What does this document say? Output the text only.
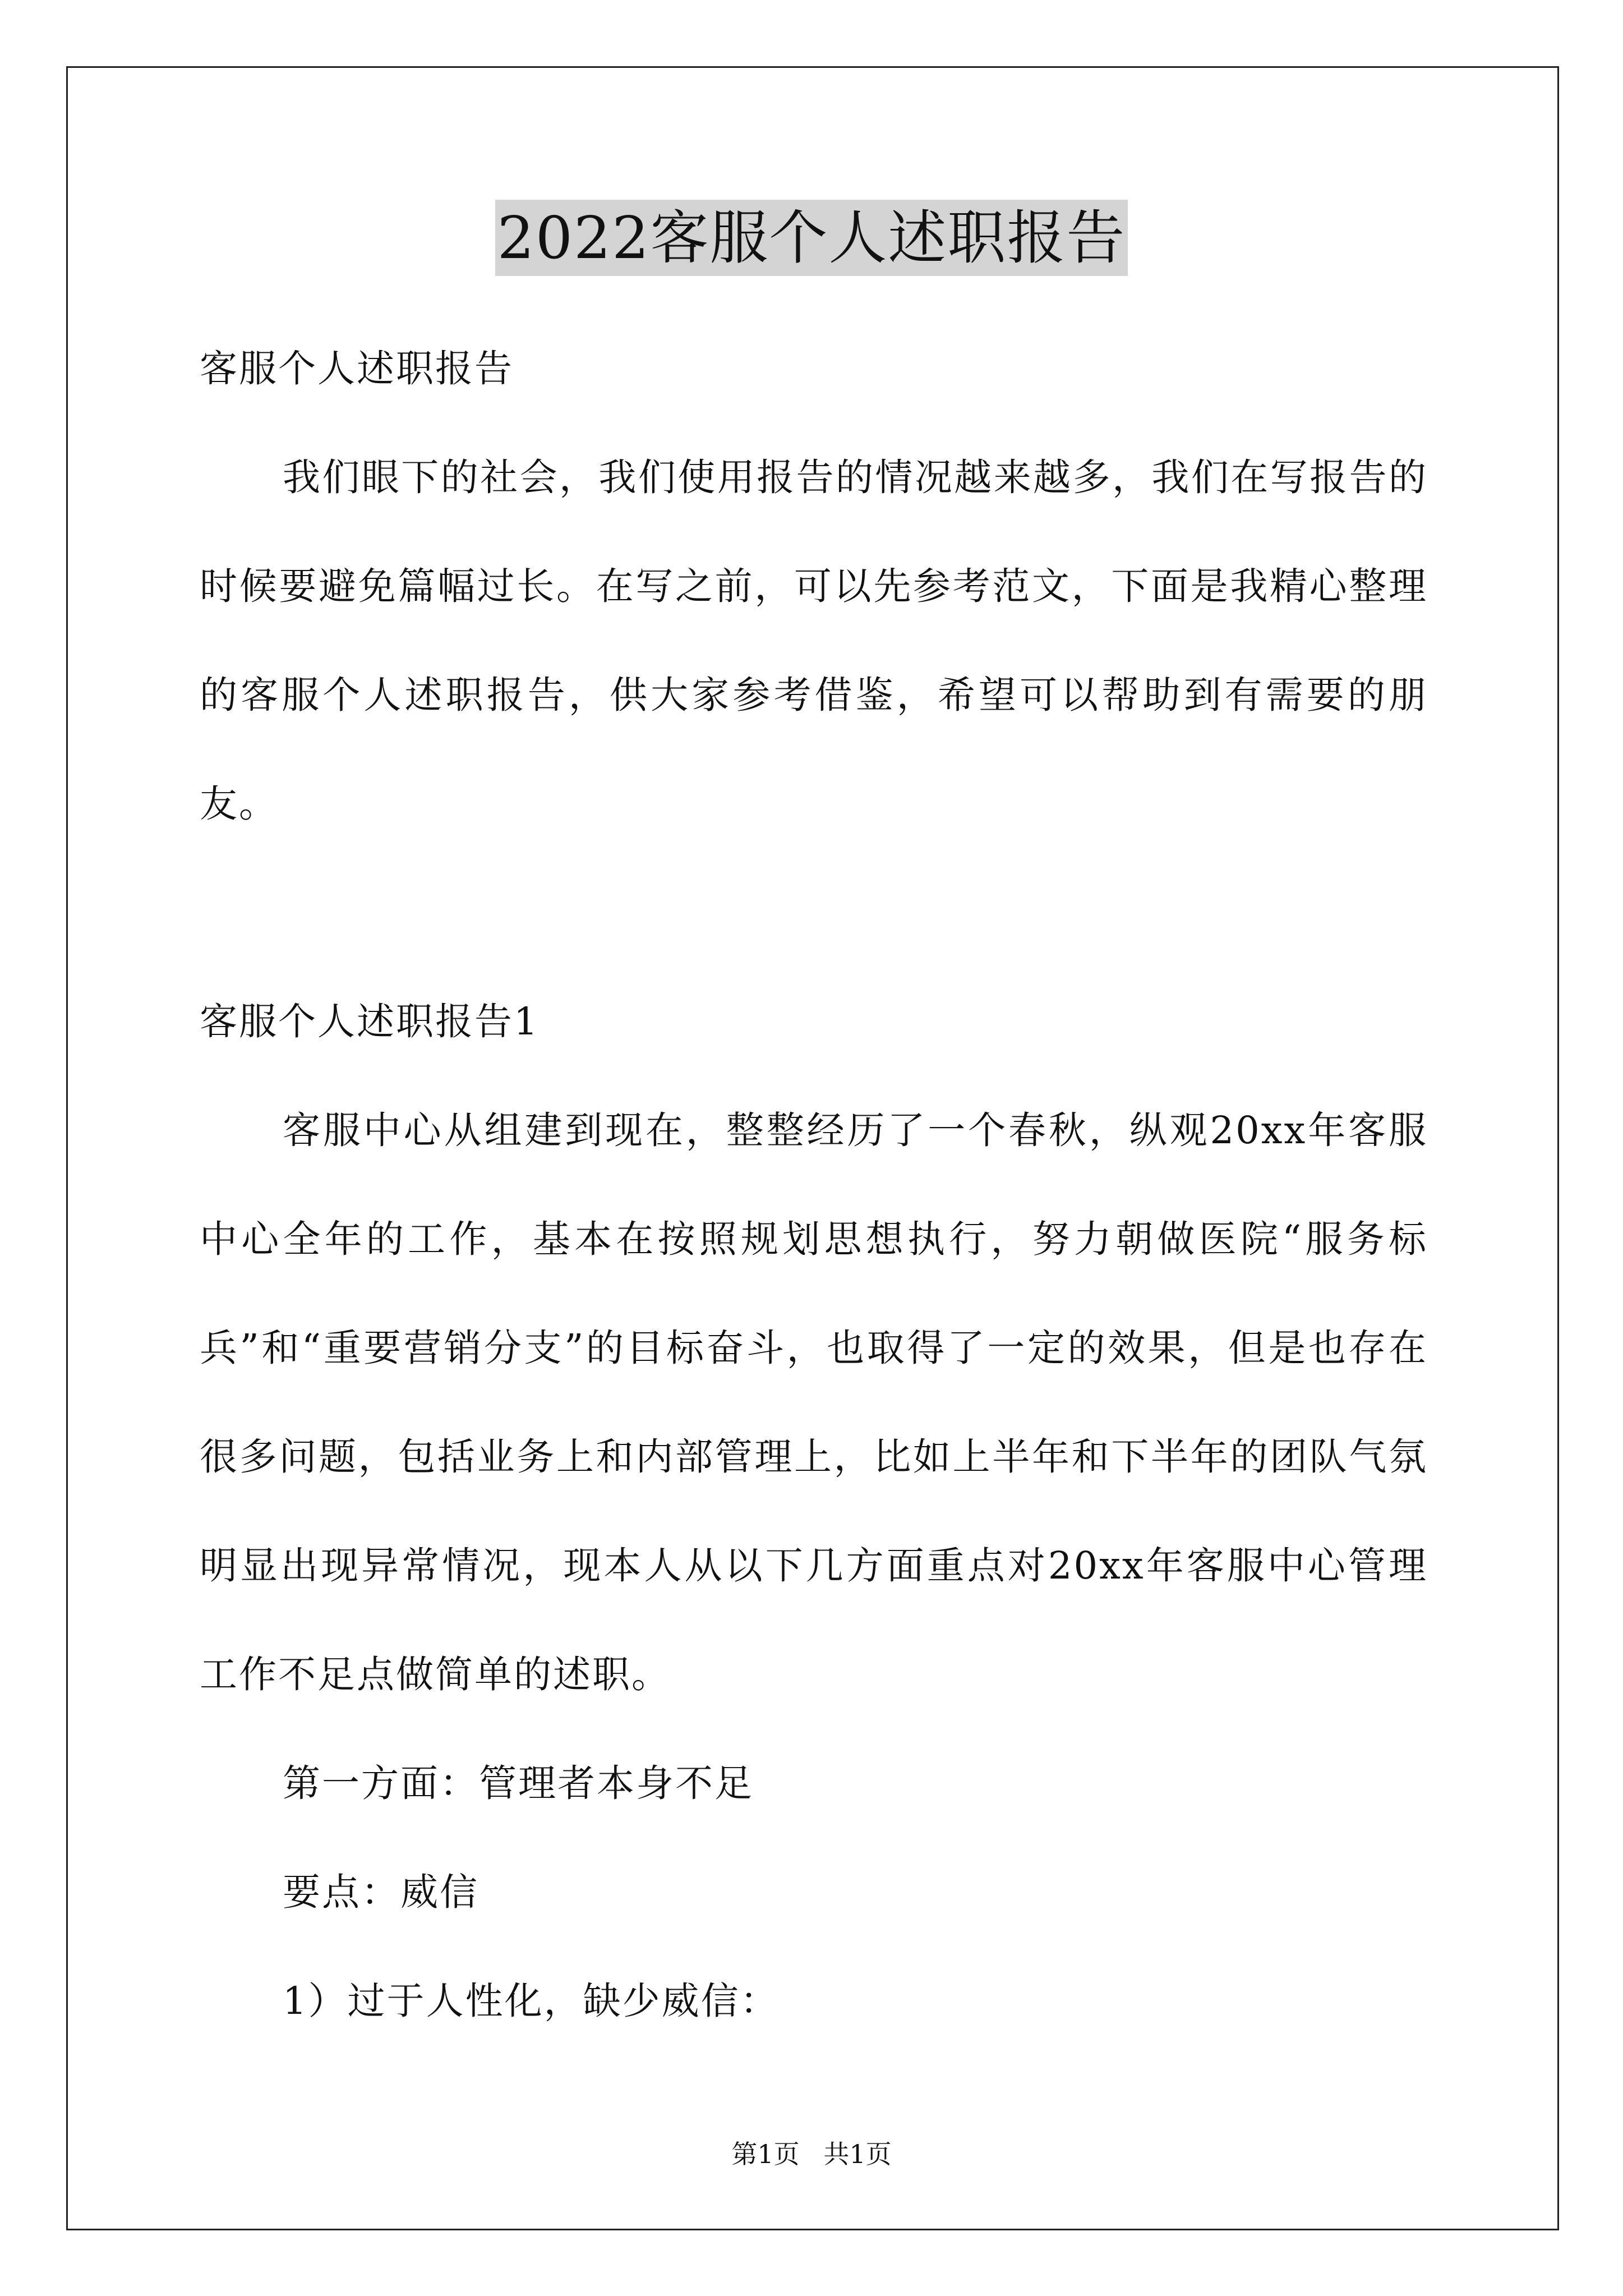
2022客服个人述职报告

客服个人述职报告

我们眼下的社会，我们使用报告的情况越来越多，我们在写报告的时候要避免篇幅过长。在写之前，可以先参考范文，下面是我精心整理的客服个人述职报告，供大家参考借鉴，希望可以帮助到有需要的朋友。

客服个人述职报告1

客服中心从组建到现在，整整经历了一个春秋，纵观20xx年客服中心全年的工作，基本在按照规划思想执行，努力朝做医院“服务标兵”和“重要营销分支”的目标奋斗，也取得了一定的效果，但是也存在很多问题，包括业务上和内部管理上，比如上半年和下半年的团队气氛明显出现异常情况，现本人从以下几方面重点对20xx年客服中心管理工作不足点做简单的述职。

第一方面：管理者本身不足

要点：威信

1）过于人性化，缺少威信：

第1页 共1页
